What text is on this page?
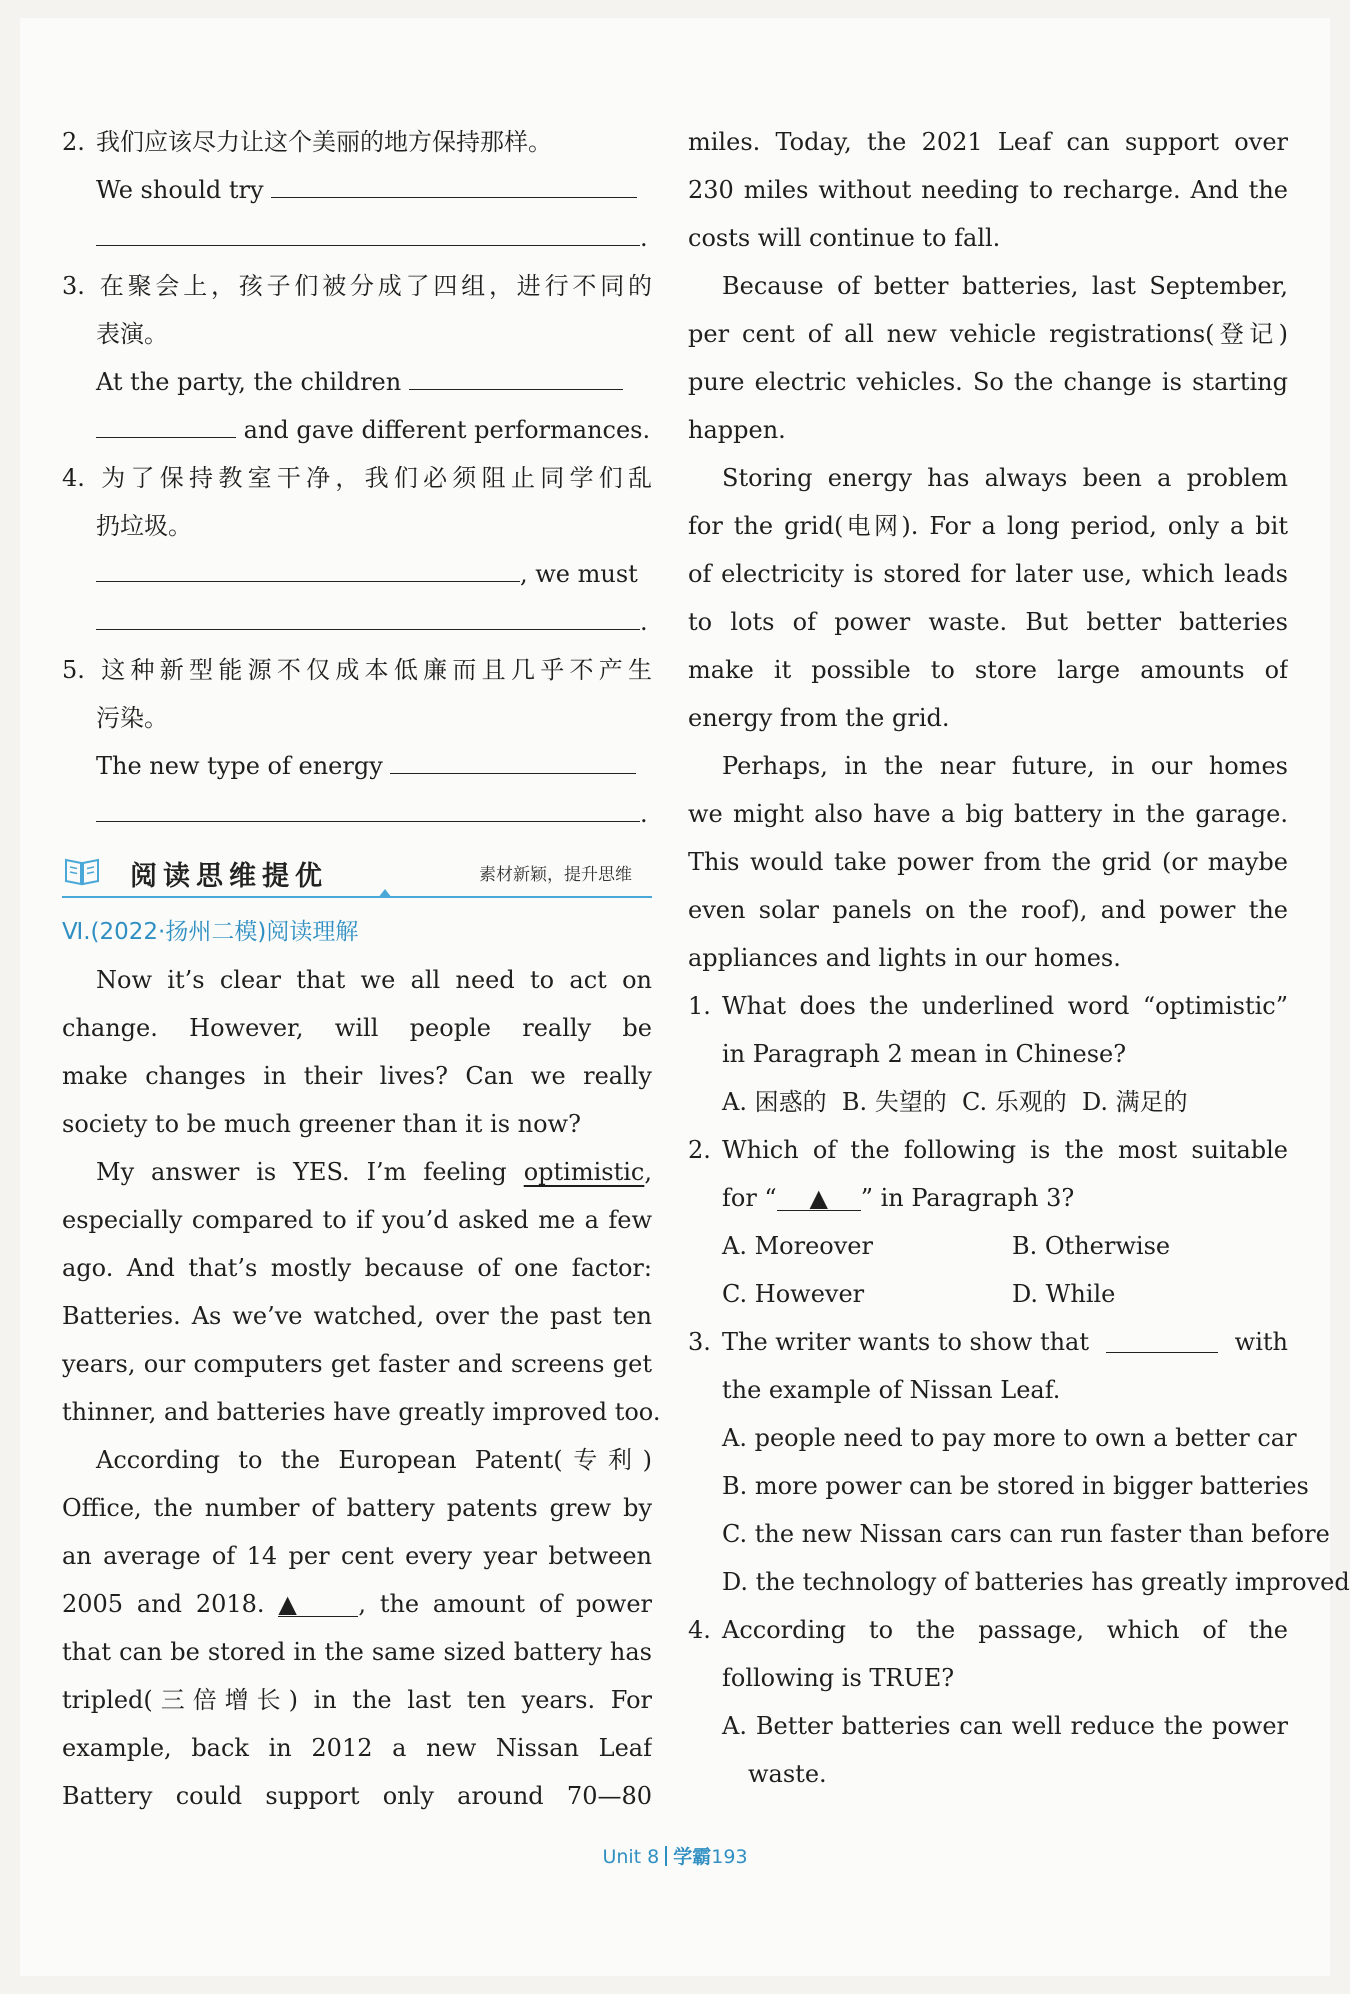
2. 我们应该尽力让这个美丽的地方保持那样。
We should try
.
3. 在聚会上，孩子们被分成了四组，进行不同的
表演。
At the party, the children
and gave different performances.
4. 为了保持教室干净，我们必须阻止同学们乱
扔垃圾。
, we must
.
5. 这种新型能源不仅成本低廉而且几乎不产生
污染。
The new type of energy
.
阅读思维提优	素材新颖，提升思维
Ⅵ.(2022·扬州二模)阅读理解
Now it’s clear that we all need to act on
change. However, will people really be
make changes in their lives? Can we really
society to be much greener than it is now?
My answer is YES. I’m feeling optimistic,
especially compared to if you’d asked me a few
ago. And that’s mostly because of one factor:
Batteries. As we’ve watched, over the past ten
years, our computers get faster and screens get
thinner, and batteries have greatly improved too.
According to the European Patent(专利)
Office, the number of battery patents grew by
an average of 14 per cent every year between
2005 and 2018. ▲	, the amount of power
that can be stored in the same sized battery has
tripled(三倍增长) in the last ten years. For
example, back in 2012 a new Nissan Leaf
Battery could support only around 70—80
miles. Today, the 2021 Leaf can support over
230 miles without needing to recharge. And the
costs will continue to fall.
Because of better batteries, last September,
per cent of all new vehicle registrations(登记)
pure electric vehicles. So the change is starting
happen.
Storing energy has always been a problem
for the grid(电网). For a long period, only a bit
of electricity is stored for later use, which leads
to lots of power waste. But better batteries
make it possible to store large amounts of
energy from the grid.
Perhaps, in the near future, in our homes
we might also have a big battery in the garage.
This would take power from the grid (or maybe
even solar panels on the roof), and power the
appliances and lights in our homes.
1. What does the underlined word “optimistic”
in Paragraph 2 mean in Chinese?
A. 困惑的  B. 失望的  C. 乐观的  D. 满足的
2. Which of the following is the most suitable
for “ ▲ ” in Paragraph 3?
A. Moreover	B. Otherwise
C. However	D. While
3. The writer wants to show that	with
the example of Nissan Leaf.
A. people need to pay more to own a better car
B. more power can be stored in bigger batteries
C. the new Nissan cars can run faster than before
D. the technology of batteries has greatly improved
4. According to the passage, which of the
following is TRUE?
A. Better batteries can well reduce the power
waste.
Unit 8 学霸193
